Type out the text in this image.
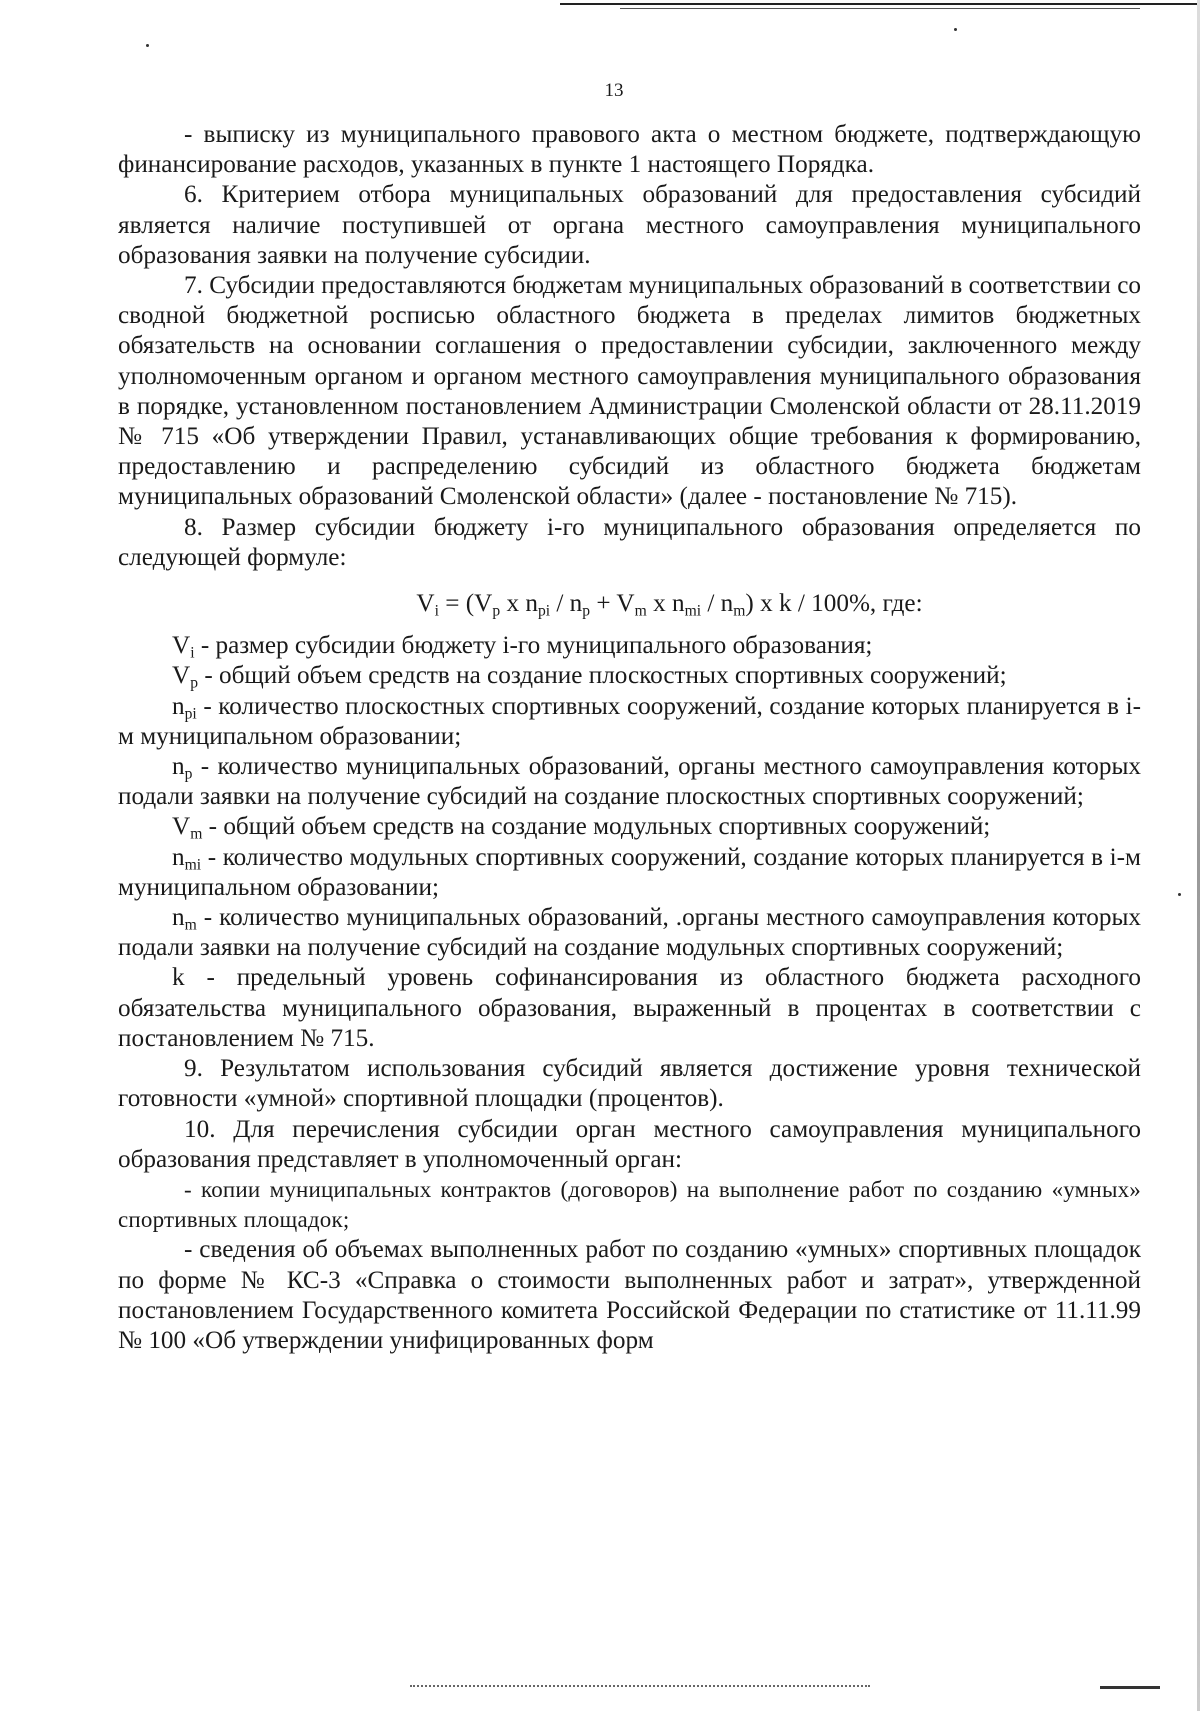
13

- выписку из муниципального правового акта о местном бюджете, подтверждающую финансирование расходов, указанных в пункте 1 настоящего Порядка.

6. Критерием отбора муниципальных образований для предоставления субсидий является наличие поступившей от органа местного самоуправления муниципального образования заявки на получение субсидии.

7. Субсидии предоставляются бюджетам муниципальных образований в соответствии со сводной бюджетной росписью областного бюджета в пределах лимитов бюджетных обязательств на основании соглашения о предоставлении субсидии, заключенного между уполномоченным органом и органом местного самоуправления муниципального образования в порядке, установленном постановлением Администрации Смоленской области от 28.11.2019 № 715 «Об утверждении Правил, устанавливающих общие требования к формированию, предоставлению и распределению субсидий из областного бюджета бюджетам муниципальных образований Смоленской области» (далее - постановление № 715).

8. Размер субсидии бюджету i-го муниципального образования определяется по следующей формуле:

$V_i = (V_p$ x $n_{pi} / n_p + V_m$ x $n_{mi} / n_m$) x k / 100%, где:

$V_i$ - размер субсидии бюджету i-го муниципального образования;

$V_p$ - общий объем средств на создание плоскостных спортивных сооружений;

$n_{pi}$ - количество плоскостных спортивных сооружений, создание которых планируется в i-м муниципальном образовании;

$n_p$ - количество муниципальных образований, органы местного самоуправления которых подали заявки на получение субсидий на создание плоскостных спортивных сооружений;

$V_m$ - общий объем средств на создание модульных спортивных сооружений;

$n_{mi}$ - количество модульных спортивных сооружений, создание которых планируется в i-м муниципальном образовании;

$n_m$ - количество муниципальных образований, .органы местного самоуправления которых подали заявки на получение субсидий на создание модульных спортивных сооружений;

k - предельный уровень софинансирования из областного бюджета расходного обязательства муниципального образования, выраженный в процентах в соответствии с постановлением № 715.

9. Результатом использования субсидий является достижение уровня технической готовности «умной» спортивной площадки (процентов).

10. Для перечисления субсидии орган местного самоуправления муниципального образования представляет в уполномоченный орган:

- копии муниципальных контрактов (договоров) на выполнение работ по созданию «умных» спортивных площадок;

- сведения об объемах выполненных работ по созданию «умных» спортивных площадок по форме № КС-3 «Справка о стоимости выполненных работ и затрат», утвержденной постановлением Государственного комитета Российской Федерации по статистике от 11.11.99 № 100 «Об утверждении унифицированных форм
